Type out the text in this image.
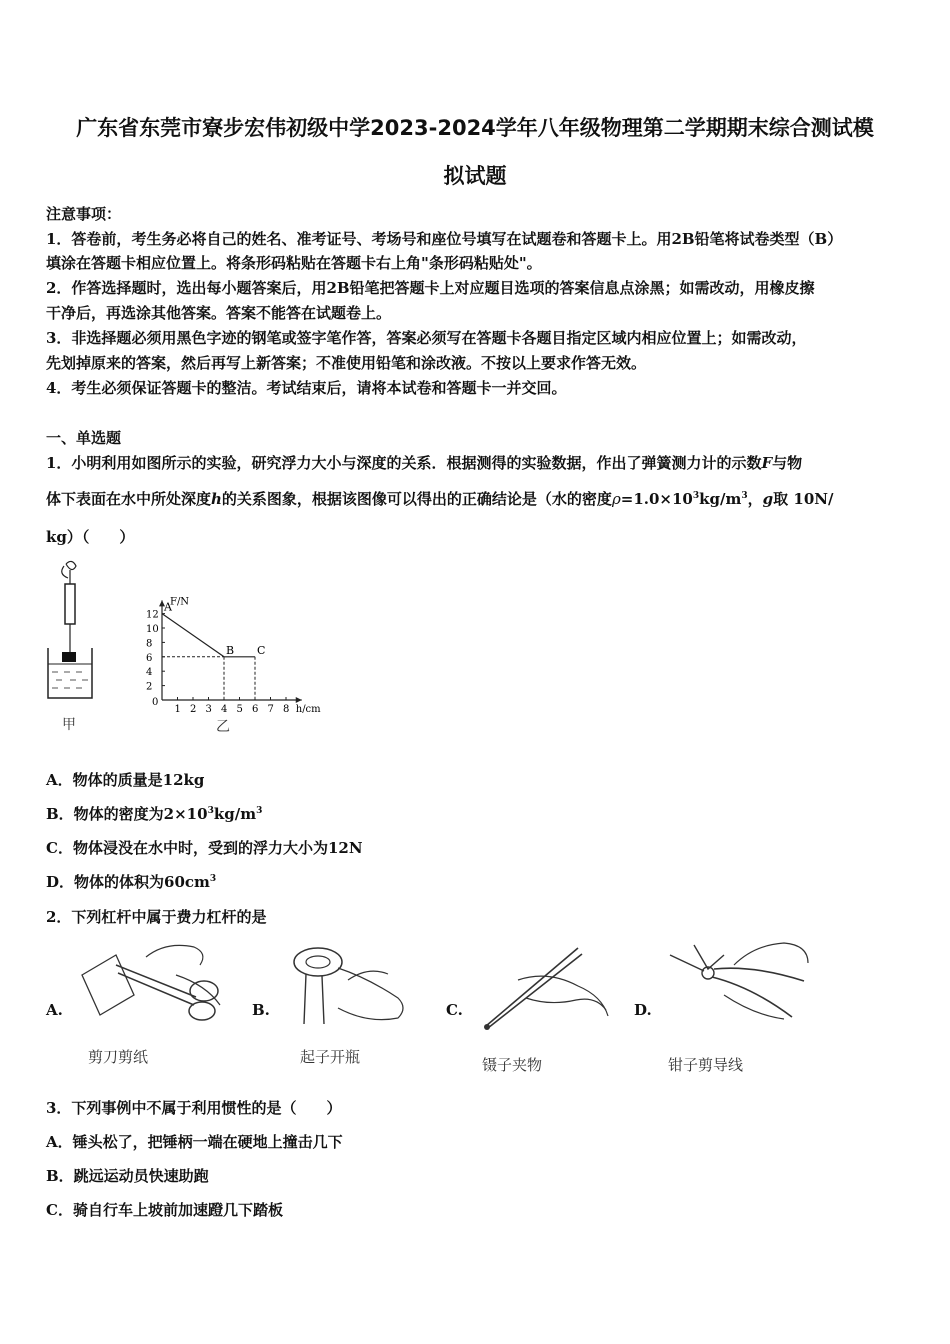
广东省东莞市寮步宏伟初级中学2023-2024学年八年级物理第二学期期末综合测试模
拟试题
注意事项：
1．答卷前，考生务必将自己的姓名、准考证号、考场号和座位号填写在试题卷和答题卡上。用2B铅笔将试卷类型（B）
填涂在答题卡相应位置上。将条形码粘贴在答题卡右上角"条形码粘贴处"。
2．作答选择题时，选出每小题答案后，用2B铅笔把答题卡上对应题目选项的答案信息点涂黑；如需改动，用橡皮擦
干净后，再选涂其他答案。答案不能答在试题卷上。
3．非选择题必须用黑色字迹的钢笔或签字笔作答，答案必须写在答题卡各题目指定区域内相应位置上；如需改动，
先划掉原来的答案，然后再写上新答案；不准使用铅笔和涂改液。不按以上要求作答无效。
4．考生必须保证答题卡的整洁。考试结束后，请将本试卷和答题卡一并交回。
一、单选题
1．小明利用如图所示的实验，研究浮力大小与深度的关系．根据测得的实验数据，作出了弹簧测力计的示数F与物
体下表面在水中所处深度h的关系图象，根据该图像可以得出的正确结论是（水的密度$\rho=1.0\times 10^3kg/m^3$，g取 10N/
kg）（　　）
甲
F/N
h/cm
0
1 2 3 4 5 6 7 8
2
4
6
8
10
12
A
B C
乙
A．物体的质量是12kg
B．物体的密度为$2\times 10^3kg/m^3$
C．物体浸没在水中时，受到的浮力大小为12N
D．物体的体积为$60cm^3$
2．下列杠杆中属于费力杠杆的是
A.
剪刀剪纸
B.
起子开瓶
C.
镊子夹物
D.
钳子剪导线
3．下列事例中不属于利用惯性的是（　　）
A．锤头松了，把锤柄一端在硬地上撞击几下
B．跳远运动员快速助跑
C．骑自行车上坡前加速蹬几下踏板
